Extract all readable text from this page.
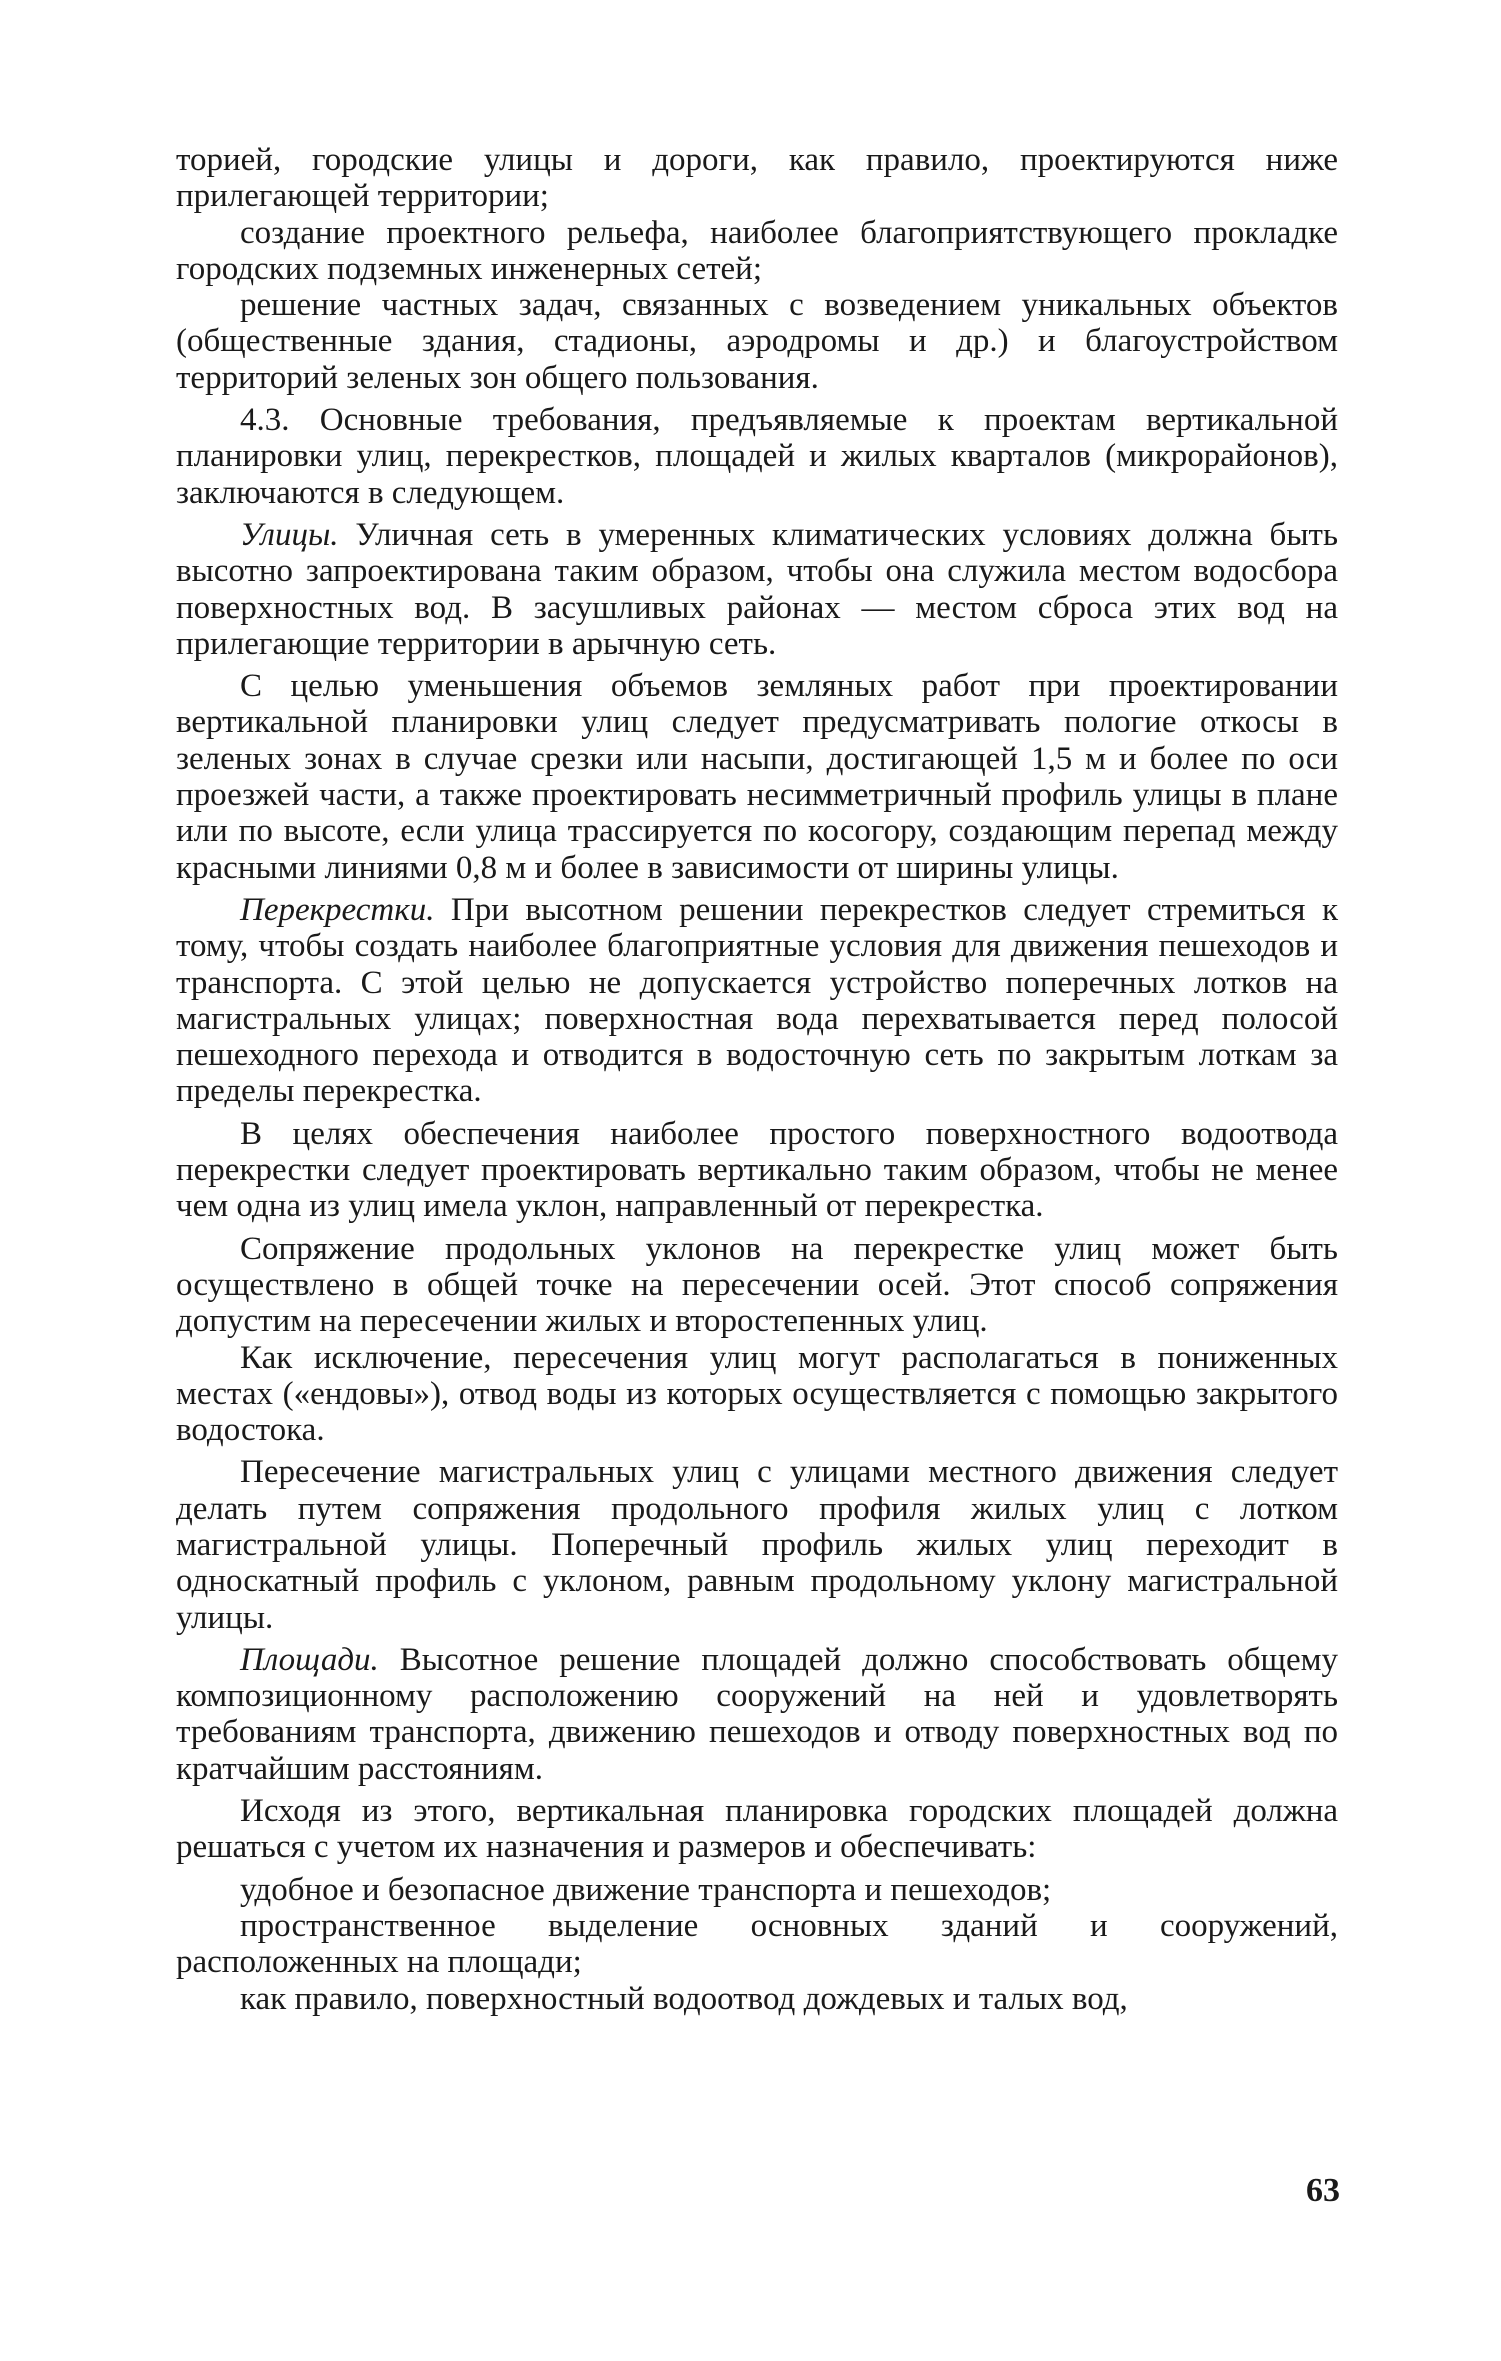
торией, городские улицы и дороги, как правило, проектируются ниже прилегающей территории;

создание проектного рельефа, наиболее благоприятствующего прокладке городских подземных инженерных сетей;

решение частных задач, связанных с возведением уникальных объектов (общественные здания, стадионы, аэродромы и др.) и благоустройством территорий зеленых зон общего пользования.

4.3. Основные требования, предъявляемые к проектам вертикальной планировки улиц, перекрестков, площадей и жилых кварталов (микрорайонов), заключаются в следующем.

Улицы. Уличная сеть в умеренных климатических условиях должна быть высотно запроектирована таким образом, чтобы она служила местом водосбора поверхностных вод. В засушливых районах — местом сброса этих вод на прилегающие территории в арычную сеть.

С целью уменьшения объемов земляных работ при проектировании вертикальной планировки улиц следует предусматривать пологие откосы в зеленых зонах в случае срезки или насыпи, достигающей 1,5 м и более по оси проезжей части, а также проектировать несимметричный профиль улицы в плане или по высоте, если улица трассируется по косогору, создающим перепад между красными линиями 0,8 м и более в зависимости от ширины улицы.

Перекрестки. При высотном решении перекрестков следует стремиться к тому, чтобы создать наиболее благоприятные условия для движения пешеходов и транспорта. С этой целью не допускается устройство поперечных лотков на магистральных улицах; поверхностная вода перехватывается перед полосой пешеходного перехода и отводится в водосточную сеть по закрытым лоткам за пределы перекрестка.

В целях обеспечения наиболее простого поверхностного водоотвода перекрестки следует проектировать вертикально таким образом, чтобы не менее чем одна из улиц имела уклон, направленный от перекрестка.

Сопряжение продольных уклонов на перекрестке улиц может быть осуществлено в общей точке на пересечении осей. Этот способ сопряжения допустим на пересечении жилых и второстепенных улиц.

Как исключение, пересечения улиц могут располагаться в пониженных местах («ендовы»), отвод воды из которых осуществляется с помощью закрытого водостока.

Пересечение магистральных улиц с улицами местного движения следует делать путем сопряжения продольного профиля жилых улиц с лотком магистральной улицы. Поперечный профиль жилых улиц переходит в односкатный профиль с уклоном, равным продольному уклону магистральной улицы.

Площади. Высотное решение площадей должно способствовать общему композиционному расположению сооружений на ней и удовлетворять требованиям транспорта, движению пешеходов и отводу поверхностных вод по кратчайшим расстояниям.

Исходя из этого, вертикальная планировка городских площадей должна решаться с учетом их назначения и размеров и обеспечивать:

удобное и безопасное движение транспорта и пешеходов;

пространственное выделение основных зданий и сооружений, расположенных на площади;

как правило, поверхностный водоотвод дождевых и талых вод,

63
